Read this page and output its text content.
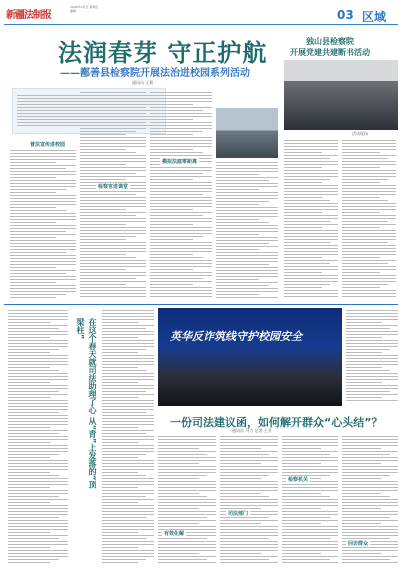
新疆法制报
2024年3月日 星期五
编辑	03 区域
法润春芽 守正护航
——鄯善县检察院开展法治进校园系列活动
通讯员 王莉
普法宣传进校园
检察官进课堂
模拟法庭零距离
独山县检察院
开展党建共建断书活动
活动现场
在这个春天就司法助理了心 从“青”上发落的“顶梁柱”	英华反诈筑线守护校园安全
一份司法建议函，如何解开群众“心头结”？
通讯员 马力 记者 王芳
司法部门
检察机关
有效化解
回访群众
